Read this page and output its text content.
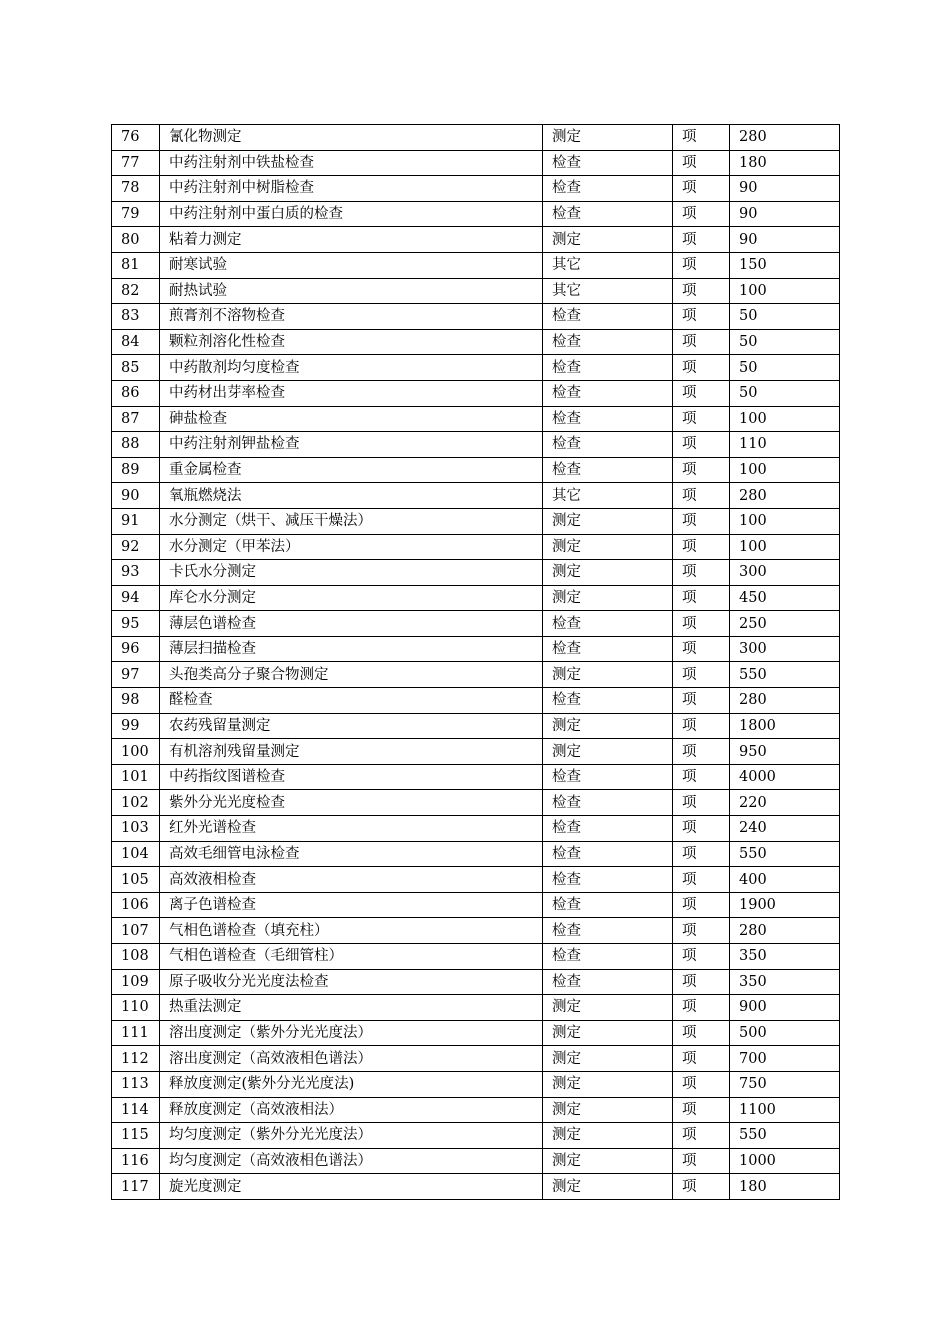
76	氰化物测定	测定	项	280
77	中药注射剂中铁盐检查	检查	项	180
78	中药注射剂中树脂检查	检查	项	90
79	中药注射剂中蛋白质的检查	检查	项	90
80	粘着力测定	测定	项	90
81	耐寒试验	其它	项	150
82	耐热试验	其它	项	100
83	煎膏剂不溶物检查	检查	项	50
84	颗粒剂溶化性检查	检查	项	50
85	中药散剂均匀度检查	检查	项	50
86	中药材出芽率检查	检查	项	50
87	砷盐检查	检查	项	100
88	中药注射剂钾盐检查	检查	项	110
89	重金属检查	检查	项	100
90	氧瓶燃烧法	其它	项	280
91	水分测定（烘干、减压干燥法）	测定	项	100
92	水分测定（甲苯法）	测定	项	100
93	卡氏水分测定	测定	项	300
94	库仑水分测定	测定	项	450
95	薄层色谱检查	检查	项	250
96	薄层扫描检查	检查	项	300
97	头孢类高分子聚合物测定	测定	项	550
98	醛检查	检查	项	280
99	农药残留量测定	测定	项	1800
100	有机溶剂残留量测定	测定	项	950
101	中药指纹图谱检查	检查	项	4000
102	紫外分光光度检查	检查	项	220
103	红外光谱检查	检查	项	240
104	高效毛细管电泳检查	检查	项	550
105	高效液相检查	检查	项	400
106	离子色谱检查	检查	项	1900
107	气相色谱检查（填充柱）	检查	项	280
108	气相色谱检查（毛细管柱）	检查	项	350
109	原子吸收分光光度法检查	检查	项	350
110	热重法测定	测定	项	900
111	溶出度测定（紫外分光光度法）	测定	项	500
112	溶出度测定（高效液相色谱法）	测定	项	700
113	释放度测定(紫外分光光度法)	测定	项	750
114	释放度测定（高效液相法）	测定	项	1100
115	均匀度测定（紫外分光光度法）	测定	项	550
116	均匀度测定（高效液相色谱法）	测定	项	1000
117	旋光度测定	测定	项	180
